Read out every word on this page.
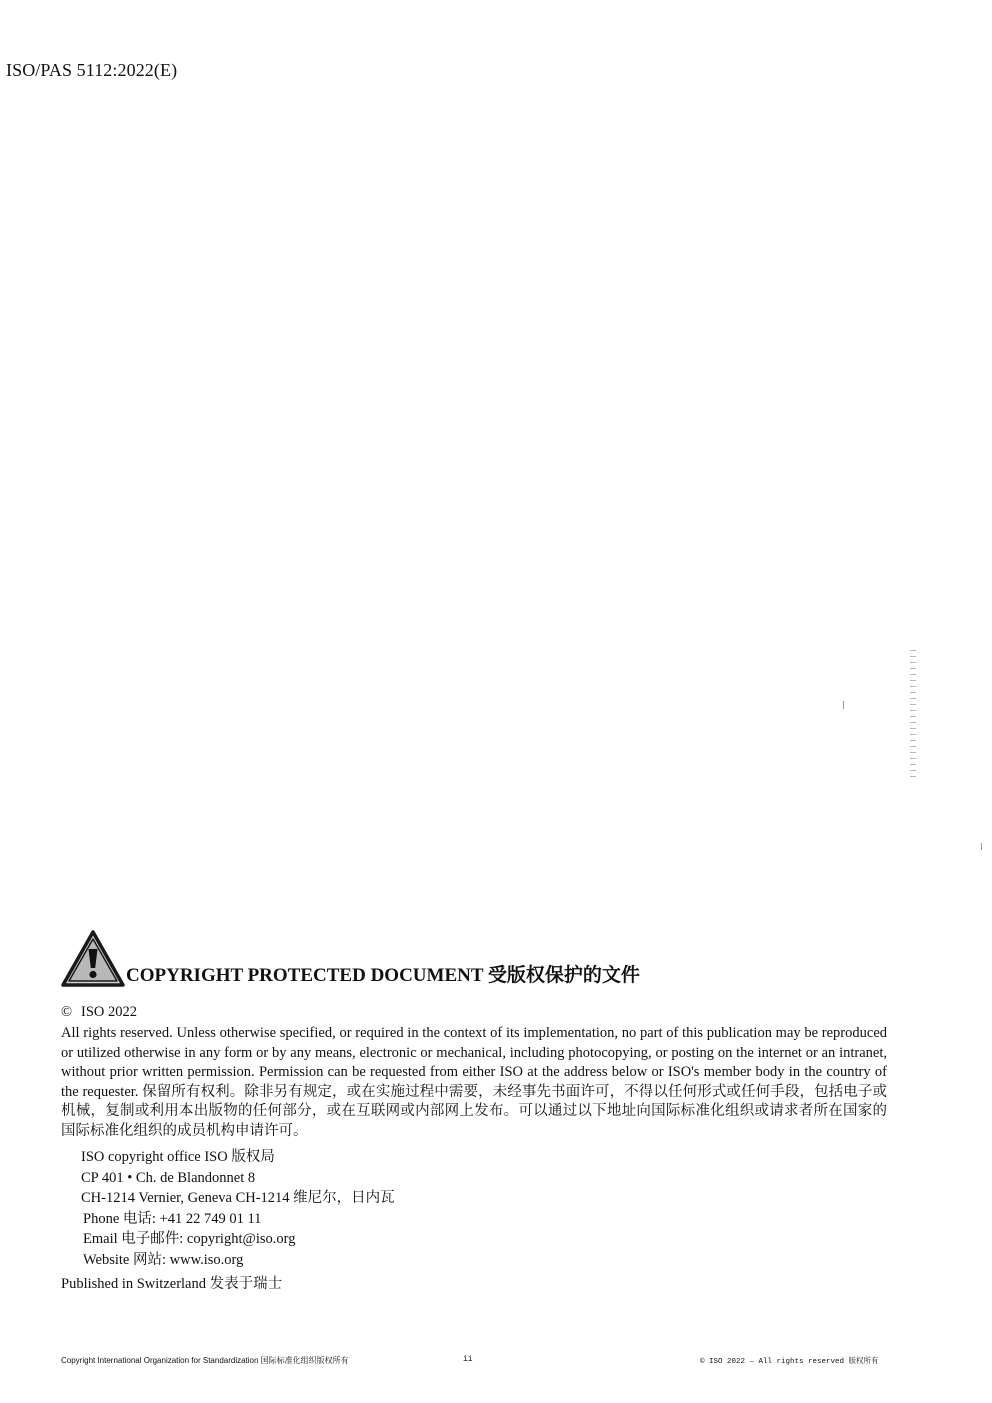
ISO/PAS 5112:2022(E)
COPYRIGHT PROTECTED DOCUMENT 受版权保护的文件
© ISO 2022
All rights reserved. Unless otherwise specified, or required in the context of its implementation, no part of this publication may be reproduced or utilized otherwise in any form or by any means, electronic or mechanical, including photocopying, or posting on the internet or an intranet, without prior written permission. Permission can be requested from either ISO at the address below or ISO's member body in the country of the requester. 保留所有权利。除非另有规定，或在实施过程中需要，未经事先书面许可，不得以任何形式或任何手段，包括电子或机械，复制或利用本出版物的任何部分，或在互联网或内部网上发布。可以通过以下地址向国际标准化组织或请求者所在国家的国际标准化组织的成员机构申请许可。
ISO copyright office ISO 版权局
CP 401 • Ch. de Blandonnet 8
CH-1214 Vernier, Geneva CH-1214 维尼尔，日内瓦
Phone 电话: +41 22 749 01 11
Email 电子邮件: copyright@iso.org
Website 网站: www.iso.org
Published in Switzerland 发表于瑞士
Copyright International Organization for Standardization 国际标准化组织版权所有	ii	© ISO 2022 – All rights reserved 版权所有
